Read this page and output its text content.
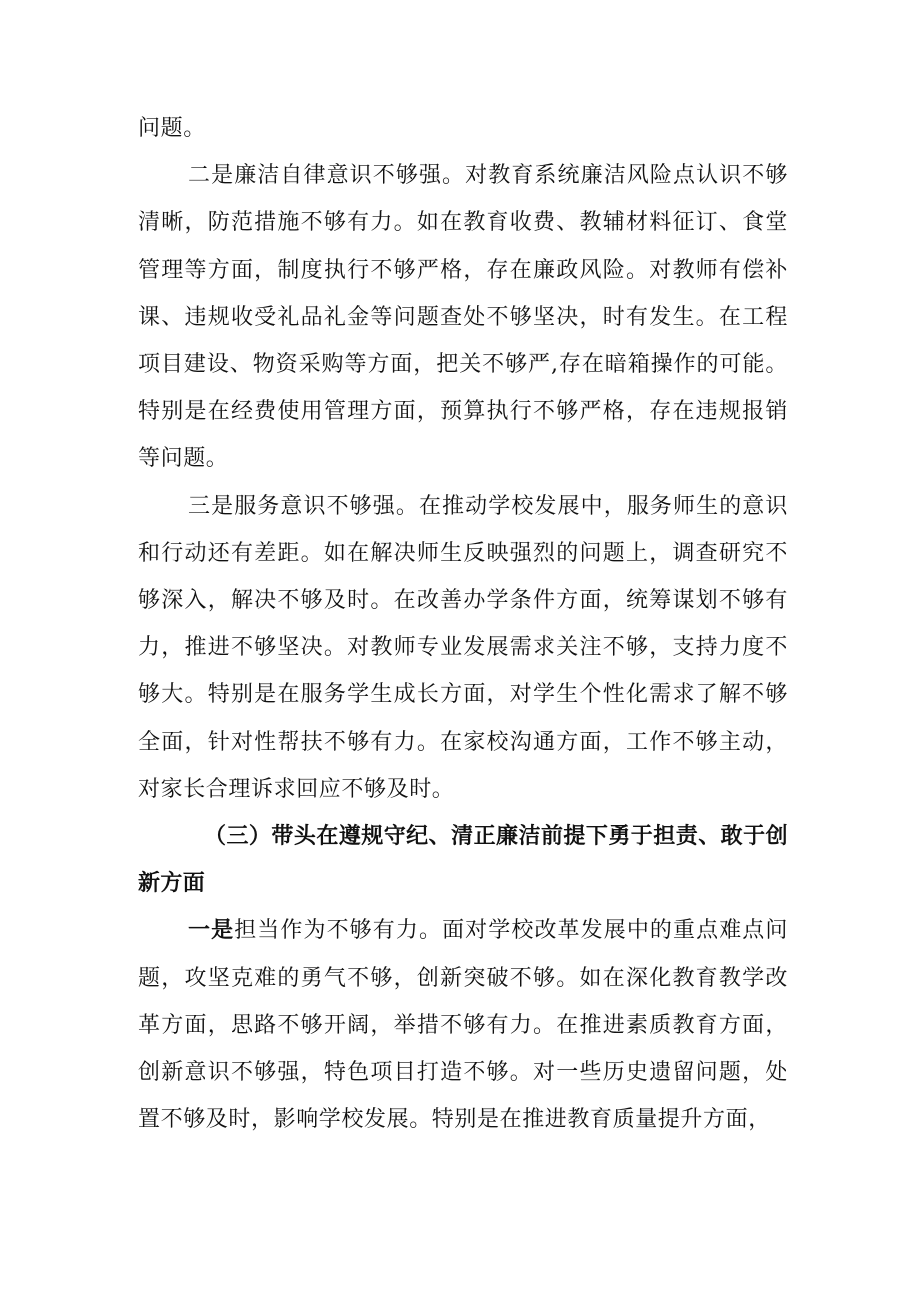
问题。

二是廉洁自律意识不够强。对教育系统廉洁风险点认识不够清晰，防范措施不够有力。如在教育收费、教辅材料征订、食堂管理等方面，制度执行不够严格，存在廉政风险。对教师有偿补课、违规收受礼品礼金等问题查处不够坚决，时有发生。在工程项目建设、物资采购等方面，把关不够严,存在暗箱操作的可能。特别是在经费使用管理方面，预算执行不够严格，存在违规报销等问题。

三是服务意识不够强。在推动学校发展中，服务师生的意识和行动还有差距。如在解决师生反映强烈的问题上，调查研究不够深入，解决不够及时。在改善办学条件方面，统筹谋划不够有力，推进不够坚决。对教师专业发展需求关注不够，支持力度不够大。特别是在服务学生成长方面，对学生个性化需求了解不够全面，针对性帮扶不够有力。在家校沟通方面，工作不够主动，对家长合理诉求回应不够及时。

（三）带头在遵规守纪、清正廉洁前提下勇于担责、敢于创新方面

一是担当作为不够有力。面对学校改革发展中的重点难点问题，攻坚克难的勇气不够，创新突破不够。如在深化教育教学改革方面，思路不够开阔，举措不够有力。在推进素质教育方面，创新意识不够强，特色项目打造不够。对一些历史遗留问题，处置不够及时，影响学校发展。特别是在推进教育质量提升方面，
